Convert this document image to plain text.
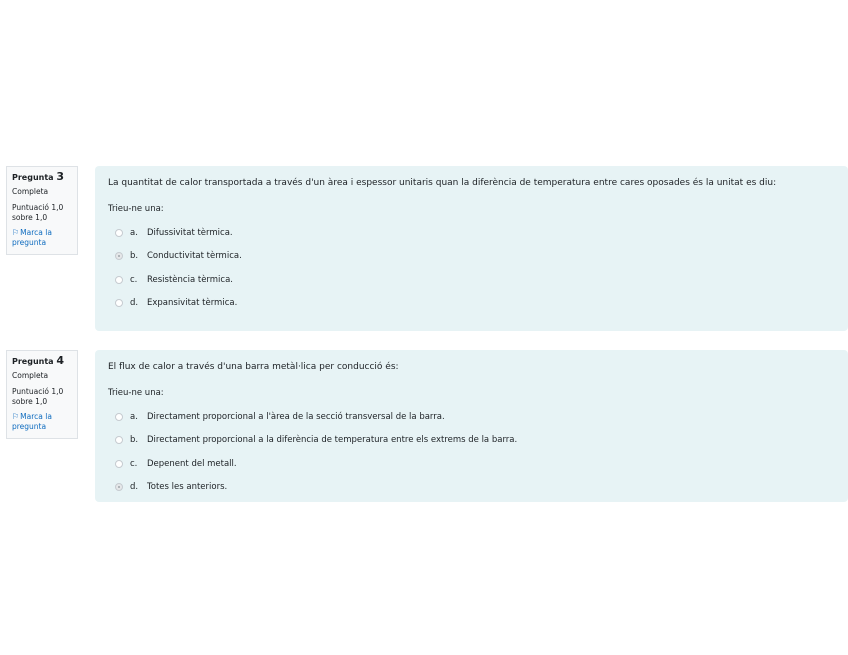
Pregunta 3
Completa
Puntuació 1,0 sobre 1,0
⚐Marca la pregunta
La quantitat de calor transportada a través d'un àrea i espessor unitaris quan la diferència de temperatura entre cares oposades és la unitat es diu:
Trieu-ne una:
a.	Difussivitat tèrmica.
b.	Conductivitat tèrmica.
c.	Resistència tèrmica.
d.	Expansivitat tèrmica.
Pregunta 4
Completa
Puntuació 1,0 sobre 1,0
⚐Marca la pregunta
El flux de calor a través d'una barra metàl·lica per conducció és:
Trieu-ne una:
a.	Directament proporcional a l'àrea de la secció transversal de la barra.
b.	Directament proporcional a la diferència de temperatura entre els extrems de la barra.
c.	Depenent del metall.
d.	Totes les anteriors.
